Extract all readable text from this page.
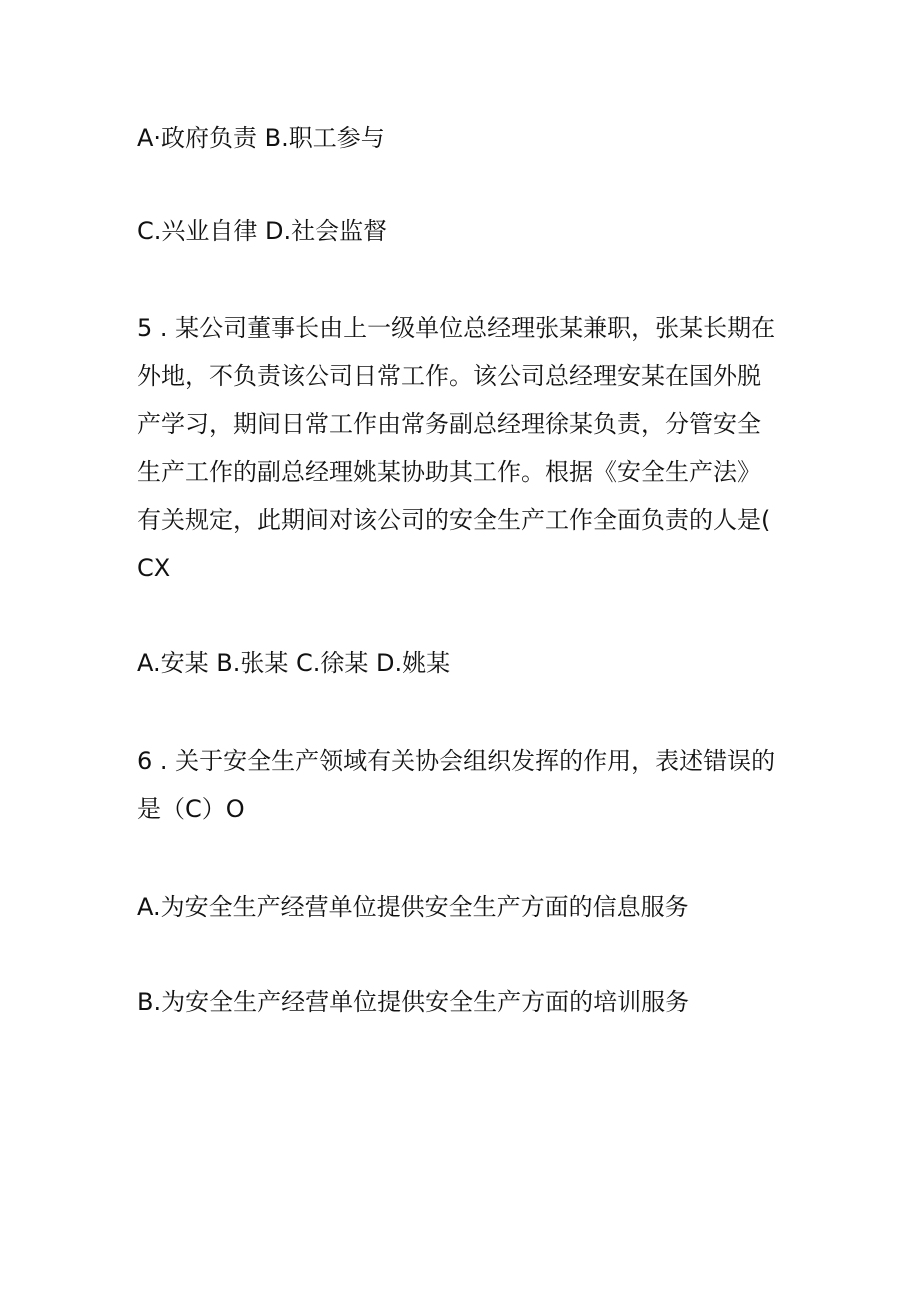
A·政府负责 B.职工参与
C.兴业自律 D.社会监督
5 . 某公司董事长由上一级单位总经理张某兼职，张某长期在
外地，不负责该公司日常工作。该公司总经理安某在国外脱
产学习，期间日常工作由常务副总经理徐某负责，分管安全
生产工作的副总经理姚某协助其工作。根据《安全生产法》
有关规定，此期间对该公司的安全生产工作全面负责的人是(
CX
A.安某 B.张某 C.徐某 D.姚某
6 . 关于安全生产领域有关协会组织发挥的作用，表述错误的
是（C）O
A.为安全生产经营单位提供安全生产方面的信息服务
B.为安全生产经营单位提供安全生产方面的培训服务
